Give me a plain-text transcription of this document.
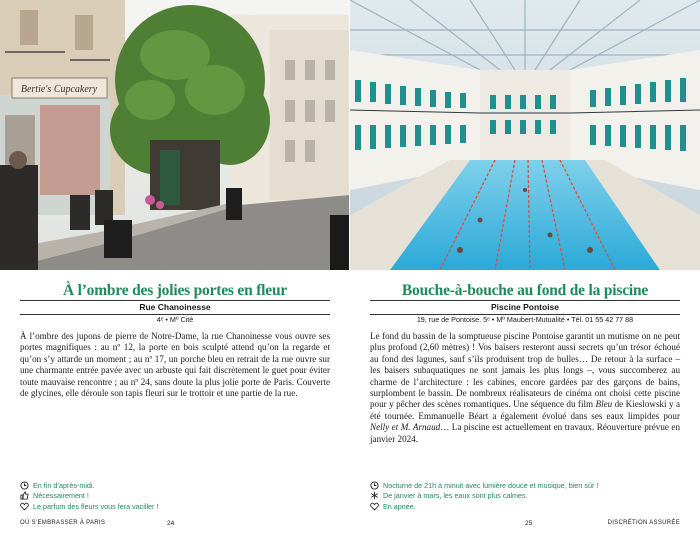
Bertie's Cupcakery
À l’ombre des jolies portes en fleur
Rue Chanoinesse
4ᵉ • Mº Cité
À l’ombre des jupons de pierre de Notre-Dame, la rue Chanoinesse vous ouvre ses portes magnifiques : au nº 12, la porte en bois sculpté attend qu’on la regarde et qu’on s’y attarde un moment ; au nº 17, un porche bleu en retrait de la rue ouvre sur une charmante entrée pavée avec un arbuste qui fait discrètement le guet pour éviter toute mauvaise rencontre ; au nº 24, sans doute la plus jolie porte de Paris. Couverte de glycines, elle déroule son tapis fleuri sur le trottoir et une partie de la rue.
En fin d’après-midi.
Nécessairement !
Le parfum des fleurs vous fera vaciller !
OÙ S’EMBRASSER À PARIS	24
Bouche-à-bouche au fond de la piscine
Piscine Pontoise
19, rue de Pontoise. 5ᵉ • Mº Maubert-Mutualité • Tél. 01 55 42 77 88
Le fond du bassin de la somptueuse piscine Pontoise garantit un mutisme on ne peut plus profond (2,60 mètres) ! Vos baisers resteront aussi secrets qu’un trésor échoué au fond des lagunes, sauf s’ils produisent trop de bulles… De retour à la surface – les baisers subaquatiques ne sont jamais les plus longs –, vous succomberez au charme de l’architecture : les cabines, encore gardées par des garçons de bains, surplombent le bassin. De nombreux réalisateurs de cinéma ont choisi cette piscine pour y pêcher des scènes romantiques. Une séquence du film Bleu de Kieslowski y a été tournée. Emmanuelle Béart a également évolué dans ses eaux limpides pour Nelly et M. Arnaud… La piscine est actuellement en travaux. Réouverture prévue en janvier 2024.
Nocturne de 21h à minuit avec lumière douce et musique, bien sûr !
De janvier à mars, les eaux sont plus calmes.
En apnée.
25	DISCRÉTION ASSURÉE
